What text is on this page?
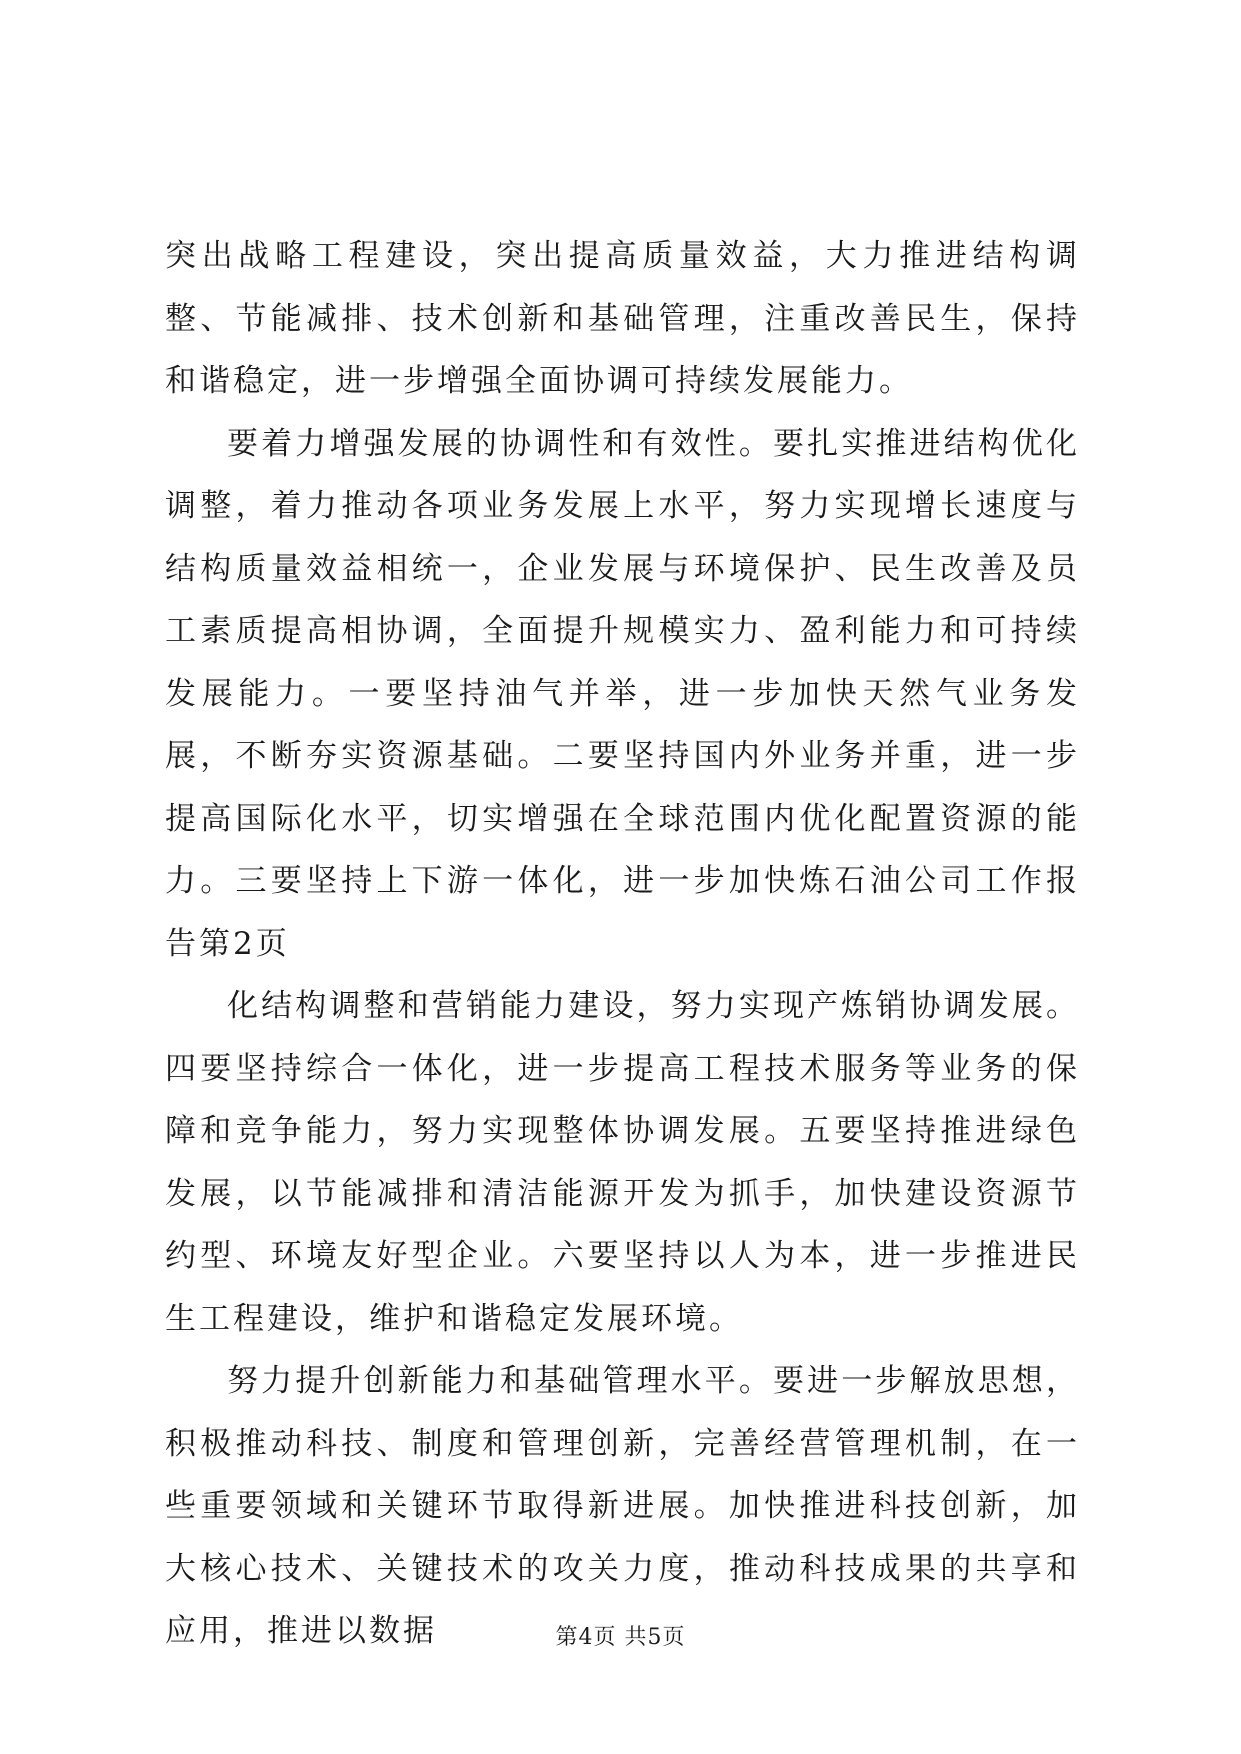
突出战略工程建设，突出提高质量效益，大力推进结构调整、节能减排、技术创新和基础管理，注重改善民生，保持和谐稳定，进一步增强全面协调可持续发展能力。

要着力增强发展的协调性和有效性。要扎实推进结构优化调整，着力推动各项业务发展上水平，努力实现增长速度与结构质量效益相统一，企业发展与环境保护、民生改善及员工素质提高相协调，全面提升规模实力、盈利能力和可持续发展能力。一要坚持油气并举，进一步加快天然气业务发展，不断夯实资源基础。二要坚持国内外业务并重，进一步提高国际化水平，切实增强在全球范围内优化配置资源的能力。三要坚持上下游一体化，进一步加快炼石油公司工作报告第2页

化结构调整和营销能力建设，努力实现产炼销协调发展。四要坚持综合一体化，进一步提高工程技术服务等业务的保障和竞争能力，努力实现整体协调发展。五要坚持推进绿色发展，以节能减排和清洁能源开发为抓手，加快建设资源节约型、环境友好型企业。六要坚持以人为本，进一步推进民生工程建设，维护和谐稳定发展环境。

努力提升创新能力和基础管理水平。要进一步解放思想，积极推动科技、制度和管理创新，完善经营管理机制，在一些重要领域和关键环节取得新进展。加快推进科技创新，加大核心技术、关键技术的攻关力度，推动科技成果的共享和应用，推进以数据	第4页 共5页
